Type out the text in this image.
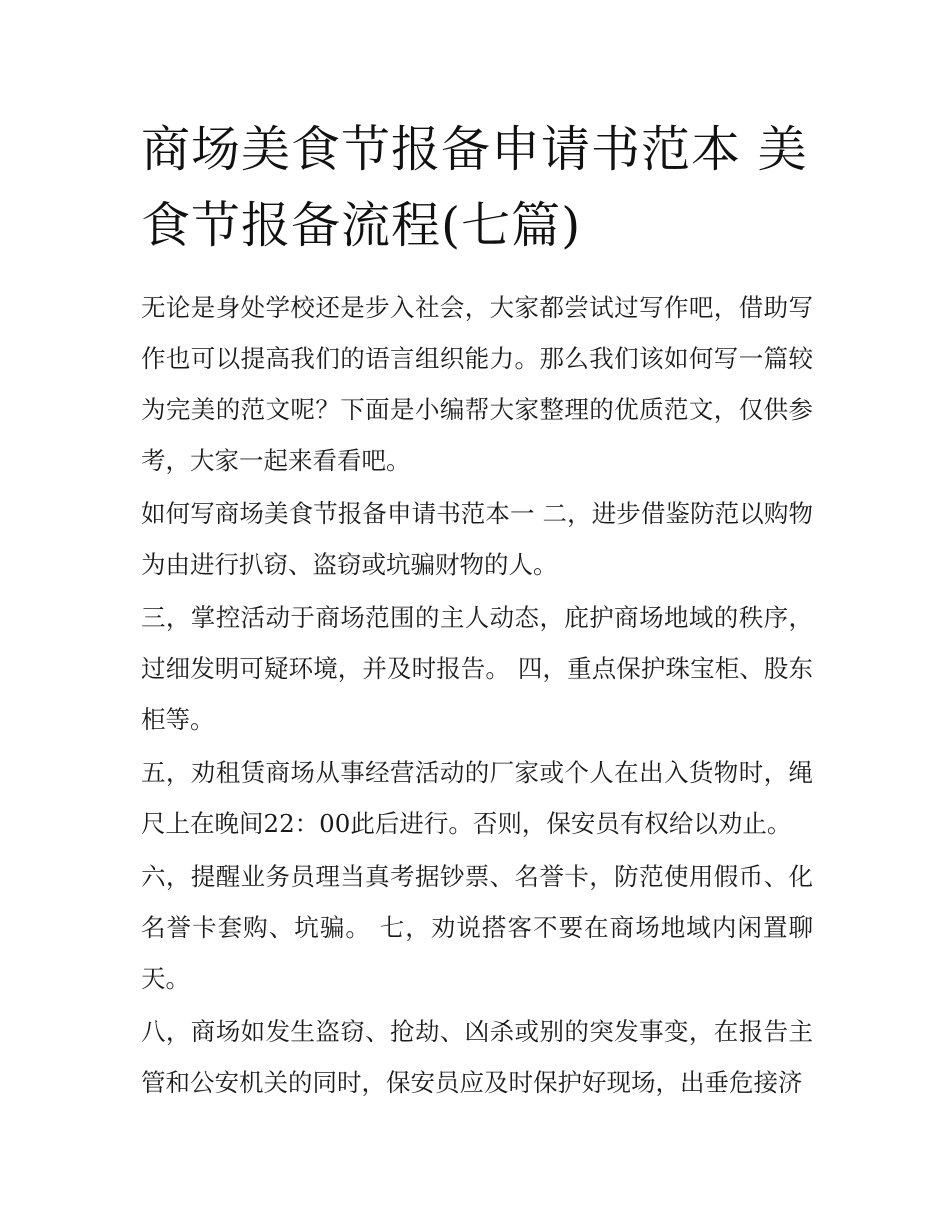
商场美食节报备申请书范本 美食节报备流程(七篇)

无论是身处学校还是步入社会，大家都尝试过写作吧，借助写作也可以提高我们的语言组织能力。那么我们该如何写一篇较为完美的范文呢？下面是小编帮大家整理的优质范文，仅供参考，大家一起来看看吧。

如何写商场美食节报备申请书范本一 二，进步借鉴防范以购物为由进行扒窃、盗窃或坑骗财物的人。

三，掌控活动于商场范围的主人动态，庇护商场地域的秩序，过细发明可疑环境，并及时报告。 四，重点保护珠宝柜、股东柜等。

五，劝租赁商场从事经营活动的厂家或个人在出入货物时，绳尺上在晚间22：00此后进行。否则，保安员有权给以劝止。

六，提醒业务员理当真考据钞票、名誉卡，防范使用假币、化名誉卡套购、坑骗。 七，劝说搭客不要在商场地域内闲置聊天。

八，商场如发生盗窃、抢劫、凶杀或别的突发事变，在报告主管和公安机关的同时，保安员应及时保护好现场，出垂危接济
